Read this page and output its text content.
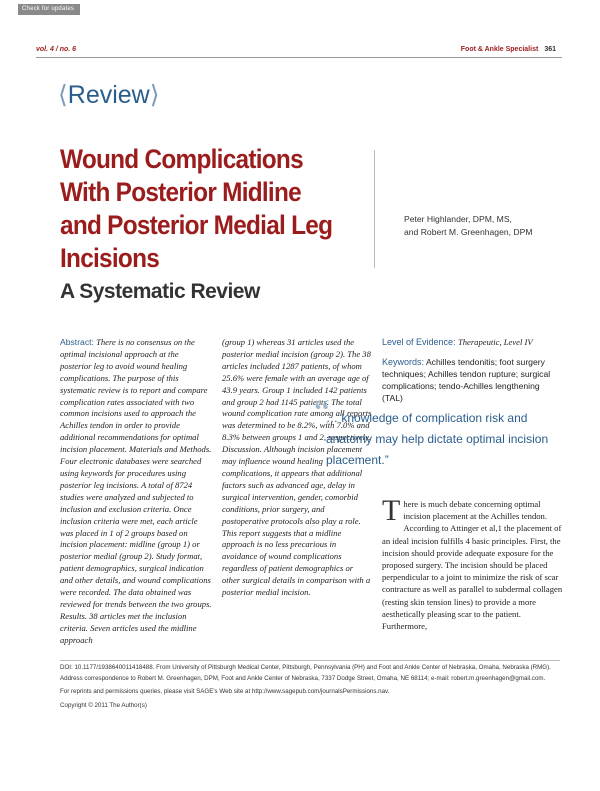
Check for updates
vol. 4 / no. 6	Foot & Ankle Specialist 361
⟨Review⟩
Wound Complications With Posterior Midline and Posterior Medial Leg Incisions
A Systematic Review
Peter Highlander, DPM, MS,
and Robert M. Greenhagen, DPM

Abstract: There is no consensus on the optimal incisional approach at the posterior leg to avoid wound healing complications. The purpose of this systematic review is to report and compare complication rates associated with two common incisions used to approach the Achilles tendon in order to provide additional recommendations for optimal incision placement. Materials and Methods. Four electronic databases were searched using keywords for procedures using posterior leg incisions. A total of 8724 studies were analyzed and subjected to inclusion and exclusion criteria. Once inclusion criteria were met, each article was placed in 1 of 2 groups based on incision placement: midline (group 1) or posterior medial (group 2). Study format, patient demographics, surgical indication and other details, and wound complications were recorded. The data obtained was reviewed for trends between the two groups. Results. 38 articles met the inclusion criteria. Seven articles used the midline approach

(group 1) whereas 31 articles used the posterior medial incision (group 2). The 38 articles included 1287 patients, of whom 25.6% were female with an average age of 43.9 years. Group 1 included 142 patients and group 2 had 1145 patients. The total wound complication rate among all reports was determined to be 8.2%, with 7.0% and 8.3% between groups 1 and 2, respectively. Discussion. Although incision placement may influence wound healing complications, it appears that additional factors such as advanced age, delay in surgical intervention, gender, comorbid conditions, prior surgery, and postoperative protocols also play a role. This report suggests that a midline approach is no less precarious in avoidance of wound complications regardless of patient demographics or other surgical details in comparison with a posterior medial incision.

Level of Evidence: Therapeutic, Level IV
Keywords: Achilles tendonitis; foot surgery techniques; Achilles tendon rupture; surgical complications; tendo-Achilles lengthening (TAL)
“
… knowledge of complication risk and anatomy may help dictate optimal incision placement.”
There is much debate concerning optimal incision placement at the Achilles tendon. According to Attinger et al,1 the placement of an ideal incision fulfills 4 basic principles. First, the incision should provide adequate exposure for the proposed surgery. The incision should be placed perpendicular to a joint to minimize the risk of scar contracture as well as parallel to subdermal collagen (resting skin tension lines) to provide a more aesthetically pleasing scar to the patient. Furthermore,

DOI: 10.1177/1938640011418488. From University of Pittsburgh Medical Center, Pittsburgh, Pennsylvania (PH) and Foot and Ankle Center of Nebraska, Omaha, Nebraska (RMG). Address correspondence to Robert M. Greenhagen, DPM, Foot and Ankle Center of Nebraska, 7337 Dodge Street, Omaha, NE 68114; e-mail: robert.m.greenhagen@gmail.com.

For reprints and permissions queries, please visit SAGE's Web site at http://www.sagepub.com/journalsPermissions.nav.

Copyright © 2011 The Author(s)
